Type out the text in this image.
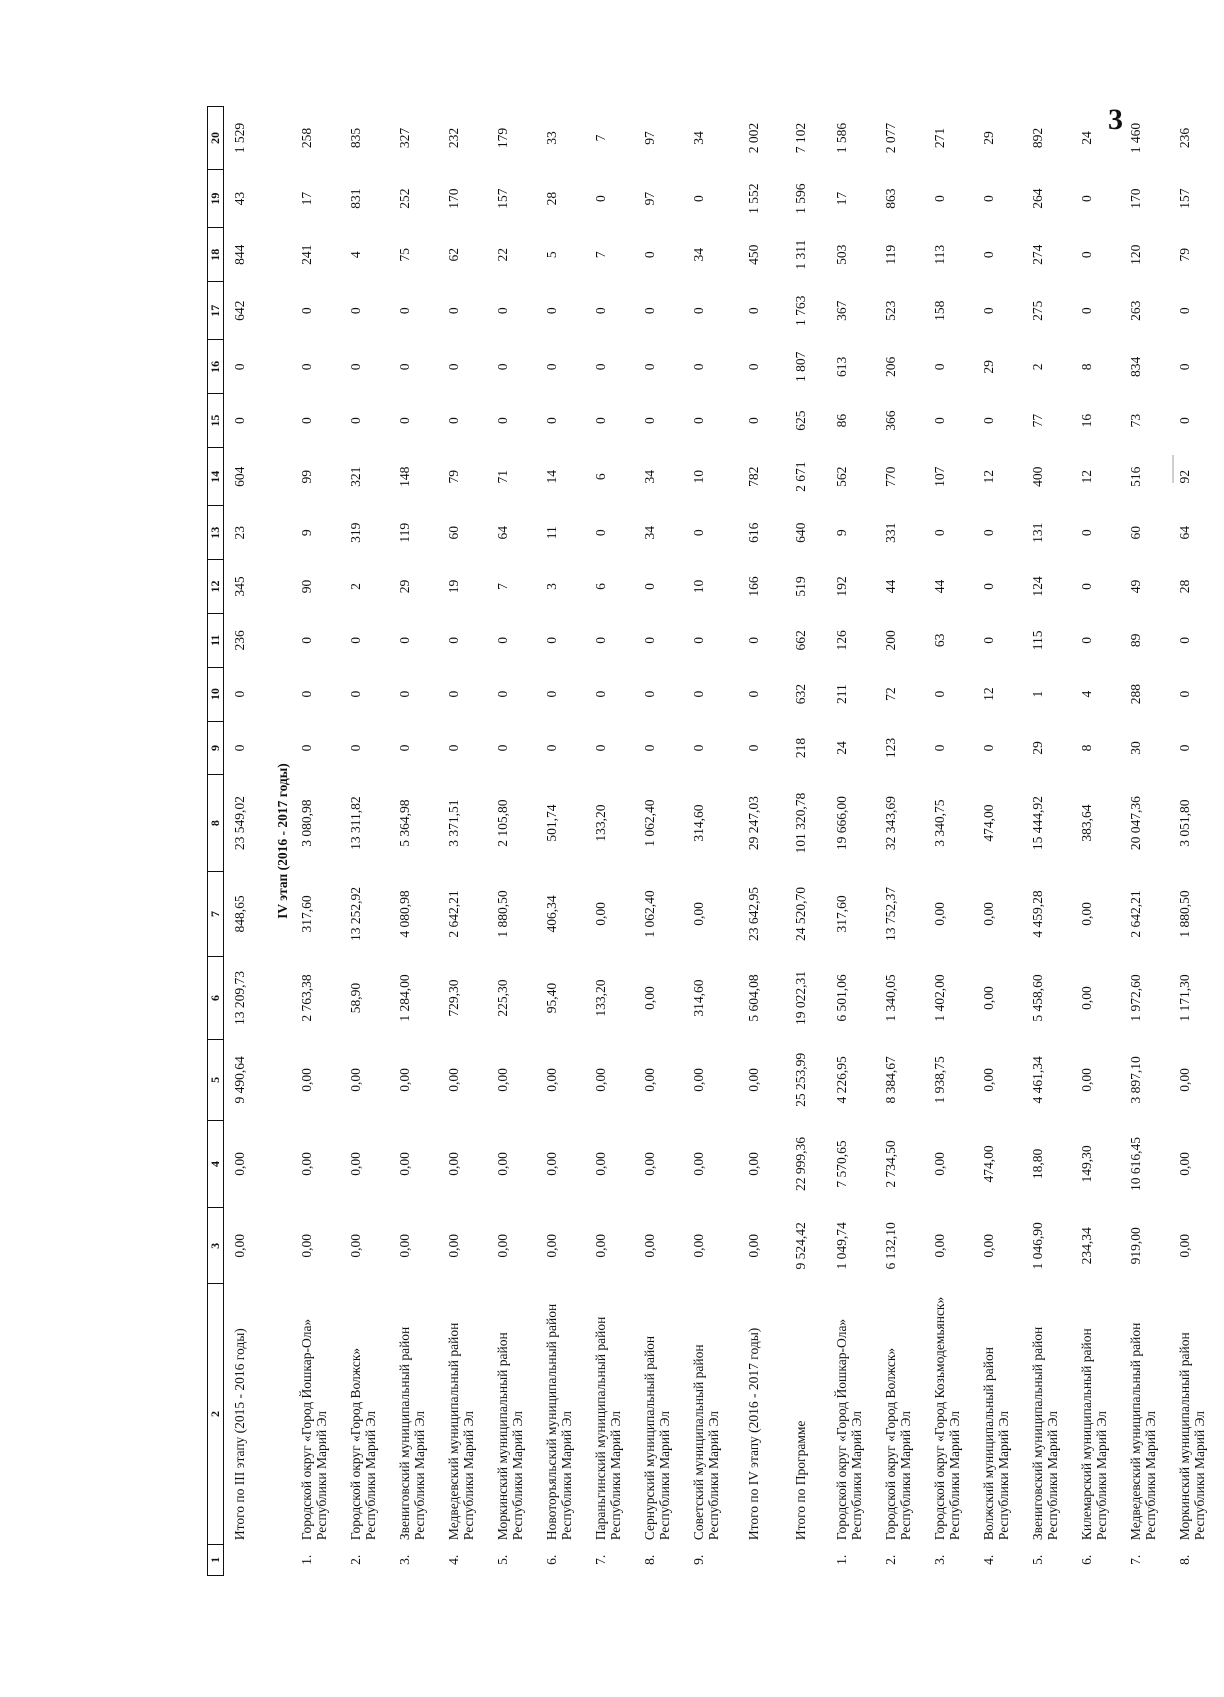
3
1	2	3	4	5	6	7	8	9	10	11	12	13	14	15	16	17	18	19	20
	Итого по III этапу (2015 - 2016 годы)	0,00	0,00	9 490,64	13 209,73	848,65	23 549,02	0	0	236	345	23	604	0	0	642	844	43	1 529
IV этап (2016 - 2017 годы)																			
1.	Городской округ «Город Йошкар-Ола» Республики Марий Эл	0,00	0,00	0,00	2 763,38	317,60	3 080,98	0	0	0	90	9	99	0	0	0	241	17	258
2.	Городской округ «Город Волжск» Республики Марий Эл	0,00	0,00	0,00	58,90	13 252,92	13 311,82	0	0	0	2	319	321	0	0	0	4	831	835
3.	Звениговский муниципальный район Республики Марий Эл	0,00	0,00	0,00	1 284,00	4 080,98	5 364,98	0	0	0	29	119	148	0	0	0	75	252	327
4.	Медведевский муниципальный район Республики Марий Эл	0,00	0,00	0,00	729,30	2 642,21	3 371,51	0	0	0	19	60	79	0	0	0	62	170	232
5.	Моркинский муниципальный район Республики Марий Эл	0,00	0,00	0,00	225,30	1 880,50	2 105,80	0	0	0	7	64	71	0	0	0	22	157	179
6.	Новоторъяльский муниципальный район Республики Марий Эл	0,00	0,00	0,00	95,40	406,34	501,74	0	0	0	3	11	14	0	0	0	5	28	33
7.	Параньгинский муниципальный район Республики Марий Эл	0,00	0,00	0,00	133,20	0,00	133,20	0	0	0	6	0	6	0	0	0	7	0	7
8.	Сернурский муниципальный район Республики Марий Эл	0,00	0,00	0,00	0,00	1 062,40	1 062,40	0	0	0	0	34	34	0	0	0	0	97	97
9.	Советский муниципальный район Республики Марий Эл	0,00	0,00	0,00	314,60	0,00	314,60	0	0	0	10	0	10	0	0	0	34	0	34
	Итого по IV этапу (2016 - 2017 годы)	0,00	0,00	0,00	5 604,08	23 642,95	29 247,03	0	0	0	166	616	782	0	0	0	450	1 552	2 002
	Итого по Программе	9 524,42	22 999,36	25 253,99	19 022,31	24 520,70	101 320,78	218	632	662	519	640	2 671	625	1 807	1 763	1 311	1 596	7 102
1.	Городской округ «Город Йошкар-Ола» Республики Марий Эл	1 049,74	7 570,65	4 226,95	6 501,06	317,60	19 666,00	24	211	126	192	9	562	86	613	367	503	17	1 586
2.	Городской округ «Город Волжск» Республики Марий Эл	6 132,10	2 734,50	8 384,67	1 340,05	13 752,37	32 343,69	123	72	200	44	331	770	366	206	523	119	863	2 077
3.	Городской округ «Город Козьмодемьянск» Республики Марий Эл	0,00	0,00	1 938,75	1 402,00	0,00	3 340,75	0	0	63	44	0	107	0	0	158	113	0	271
4.	Волжский муниципальный район Республики Марий Эл	0,00	474,00	0,00	0,00	0,00	474,00	0	12	0	0	0	12	0	29	0	0	0	29
5.	Звениговский муниципальный район Республики Марий Эл	1 046,90	18,80	4 461,34	5 458,60	4 459,28	15 444,92	29	1	115	124	131	400	77	2	275	274	264	892
6.	Килемарский муниципальный район Республики Марий Эл	234,34	149,30	0,00	0,00	0,00	383,64	8	4	0	0	0	12	16	8	0	0	0	24
7.	Медведевский муниципальный район Республики Марий Эл	919,00	10 616,45	3 897,10	1 972,60	2 642,21	20 047,36	30	288	89	49	60	516	73	834	263	120	170	1 460
8.	Моркинский муниципальный район Республики Марий Эл	0,00	0,00	0,00	1 171,30	1 880,50	3 051,80	0	0	0	28	64	92	0	0	0	79	157	236
